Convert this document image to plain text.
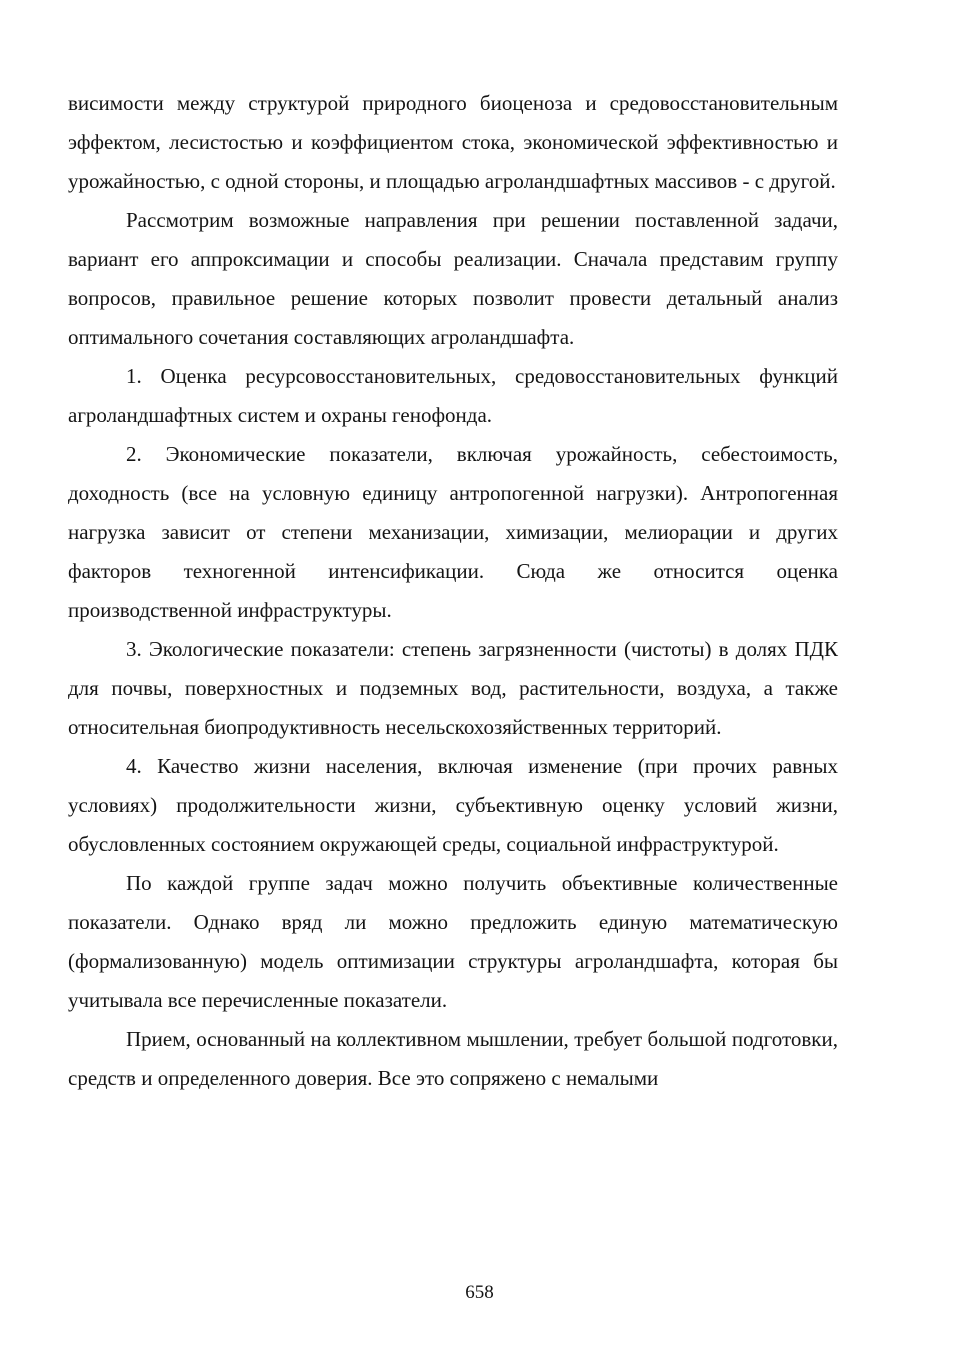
висимости между структурой природного биоценоза и средовосстановительным эффектом, лесистостью и коэффициентом стока, экономической эффективностью и урожайностью, с одной стороны, и площадью агроландшафтных массивов - с другой.

Рассмотрим возможные направления при решении поставленной задачи, вариант его аппроксимации и способы реализации. Сначала представим группу вопросов, правильное решение которых позволит провести детальный анализ оптимального сочетания составляющих агроландшафта.

1. Оценка ресурсовосстановительных, средовосстановительных функций агроландшафтных систем и охраны генофонда.

2. Экономические показатели, включая урожайность, себестоимость, доходность (все на условную единицу антропогенной нагрузки). Антропогенная нагрузка зависит от степени механизации, химизации, мелиорации и других факторов техногенной интенсификации. Сюда же относится оценка производственной инфраструктуры.

3. Экологические показатели: степень загрязненности (чистоты) в долях ПДК для почвы, поверхностных и подземных вод, растительности, воздуха, а также относительная биопродуктивность несельскохозяйственных территорий.

4. Качество жизни населения, включая изменение (при прочих равных условиях) продолжительности жизни, субъективную оценку условий жизни, обусловленных состоянием окружающей среды, социальной инфраструктурой.

По каждой группе задач можно получить объективные количественные показатели. Однако вряд ли можно предложить единую математическую (формализованную) модель оптимизации структуры агроландшафта, которая бы учитывала все перечисленные показатели.

Прием, основанный на коллективном мышлении, требует большой подготовки, средств и определенного доверия. Все это сопряжено с немалыми

658
